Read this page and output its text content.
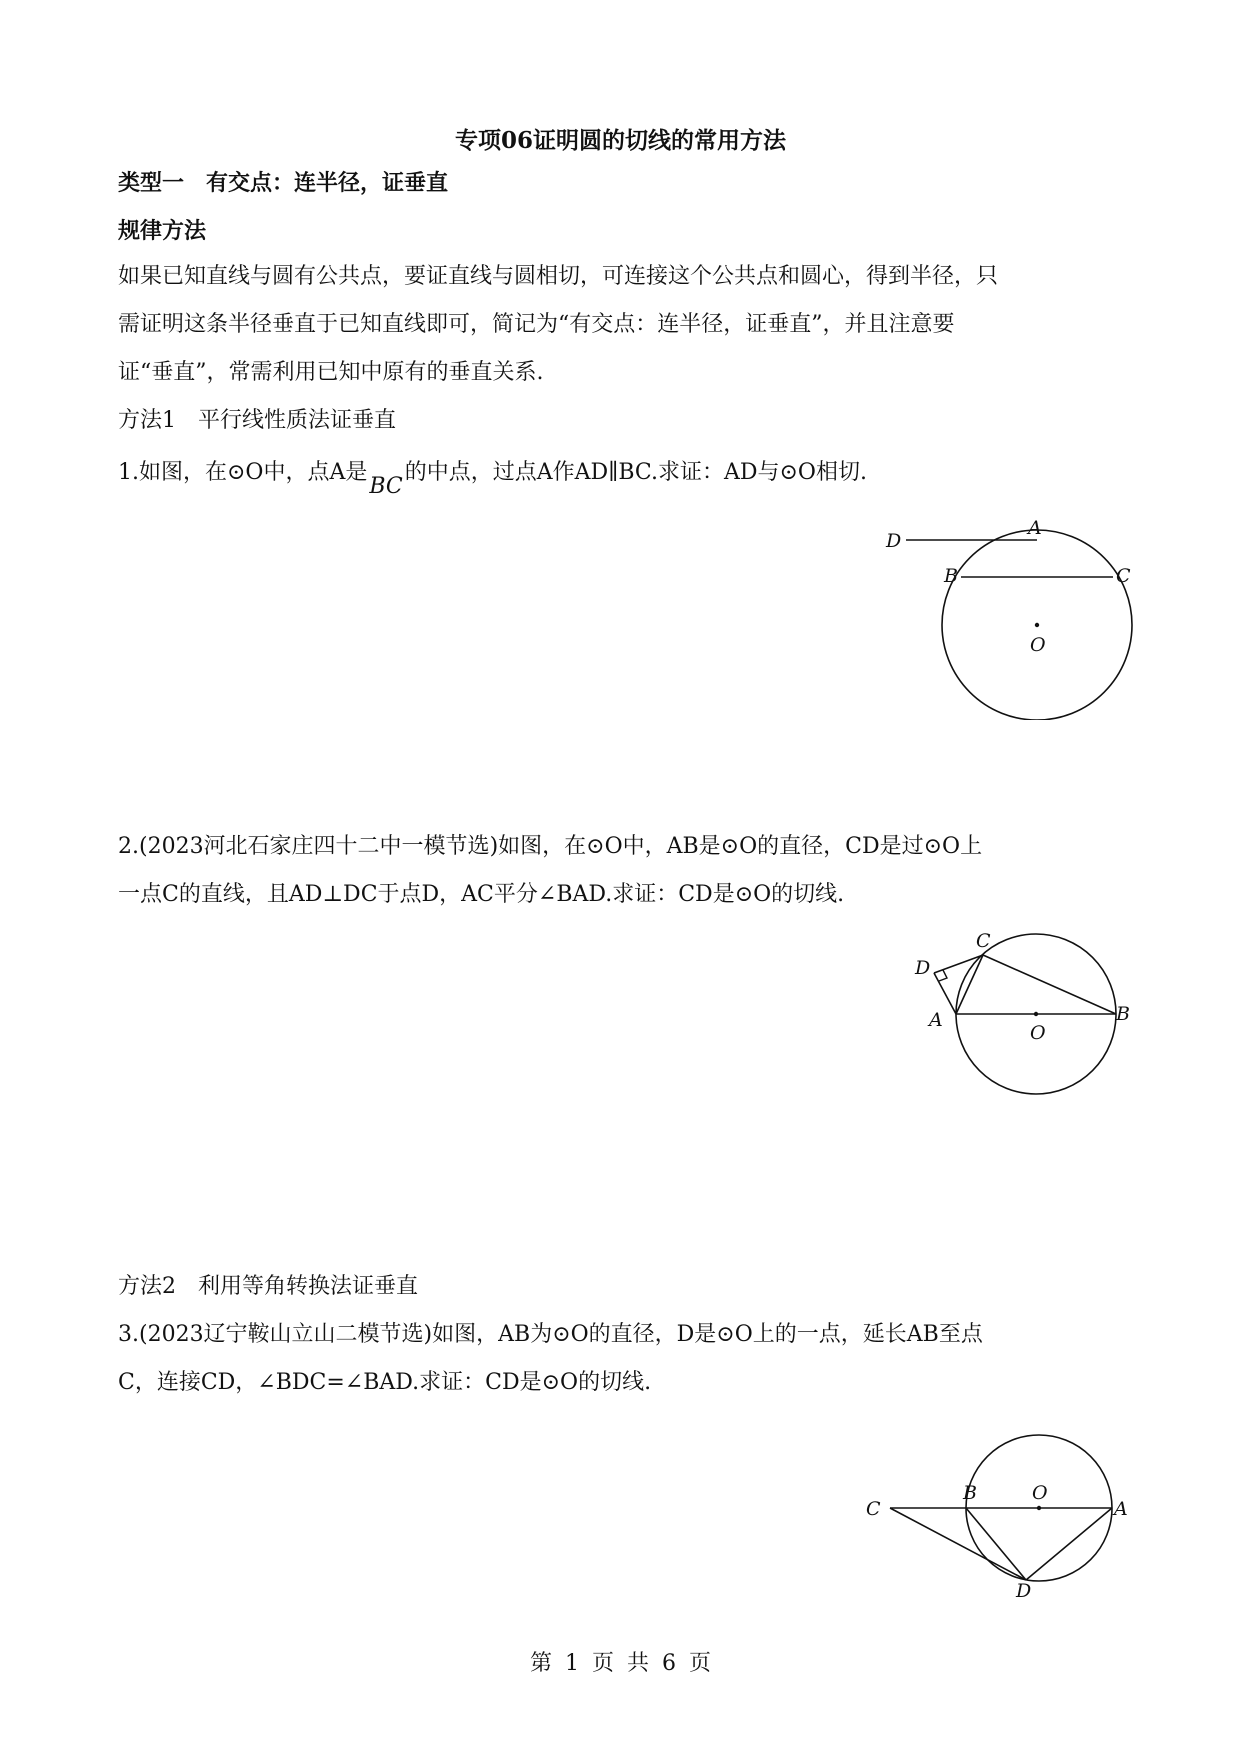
专项06证明圆的切线的常用方法
类型一　有交点：连半径，证垂直
规律方法
如果已知直线与圆有公共点，要证直线与圆相切，可连接这个公共点和圆心，得到半径，只
需证明这条半径垂直于已知直线即可，简记为“有交点：连半径，证垂直”，并且注意要
证“垂直”，常需利用已知中原有的垂直关系.
方法1　平行线性质法证垂直
1.如图，在⊙O中，点A是BC的中点，过点A作AD∥BC.求证：AD与⊙O相切.
D
A
B	C
O
2.(2023河北石家庄四十二中一模节选)如图，在⊙O中，AB是⊙O的直径，CD是过⊙O上
一点C的直线，且AD⊥DC于点D，AC平分∠BAD.求证：CD是⊙O的切线.
C
D
A
O
B
方法2　利用等角转换法证垂直
3.(2023辽宁鞍山立山二模节选)如图，AB为⊙O的直径，D是⊙O上的一点，延长AB至点
C，连接CD，∠BDC=∠BAD.求证：CD是⊙O的切线.
C
B	O
A
D
第 1 页 共 6 页
